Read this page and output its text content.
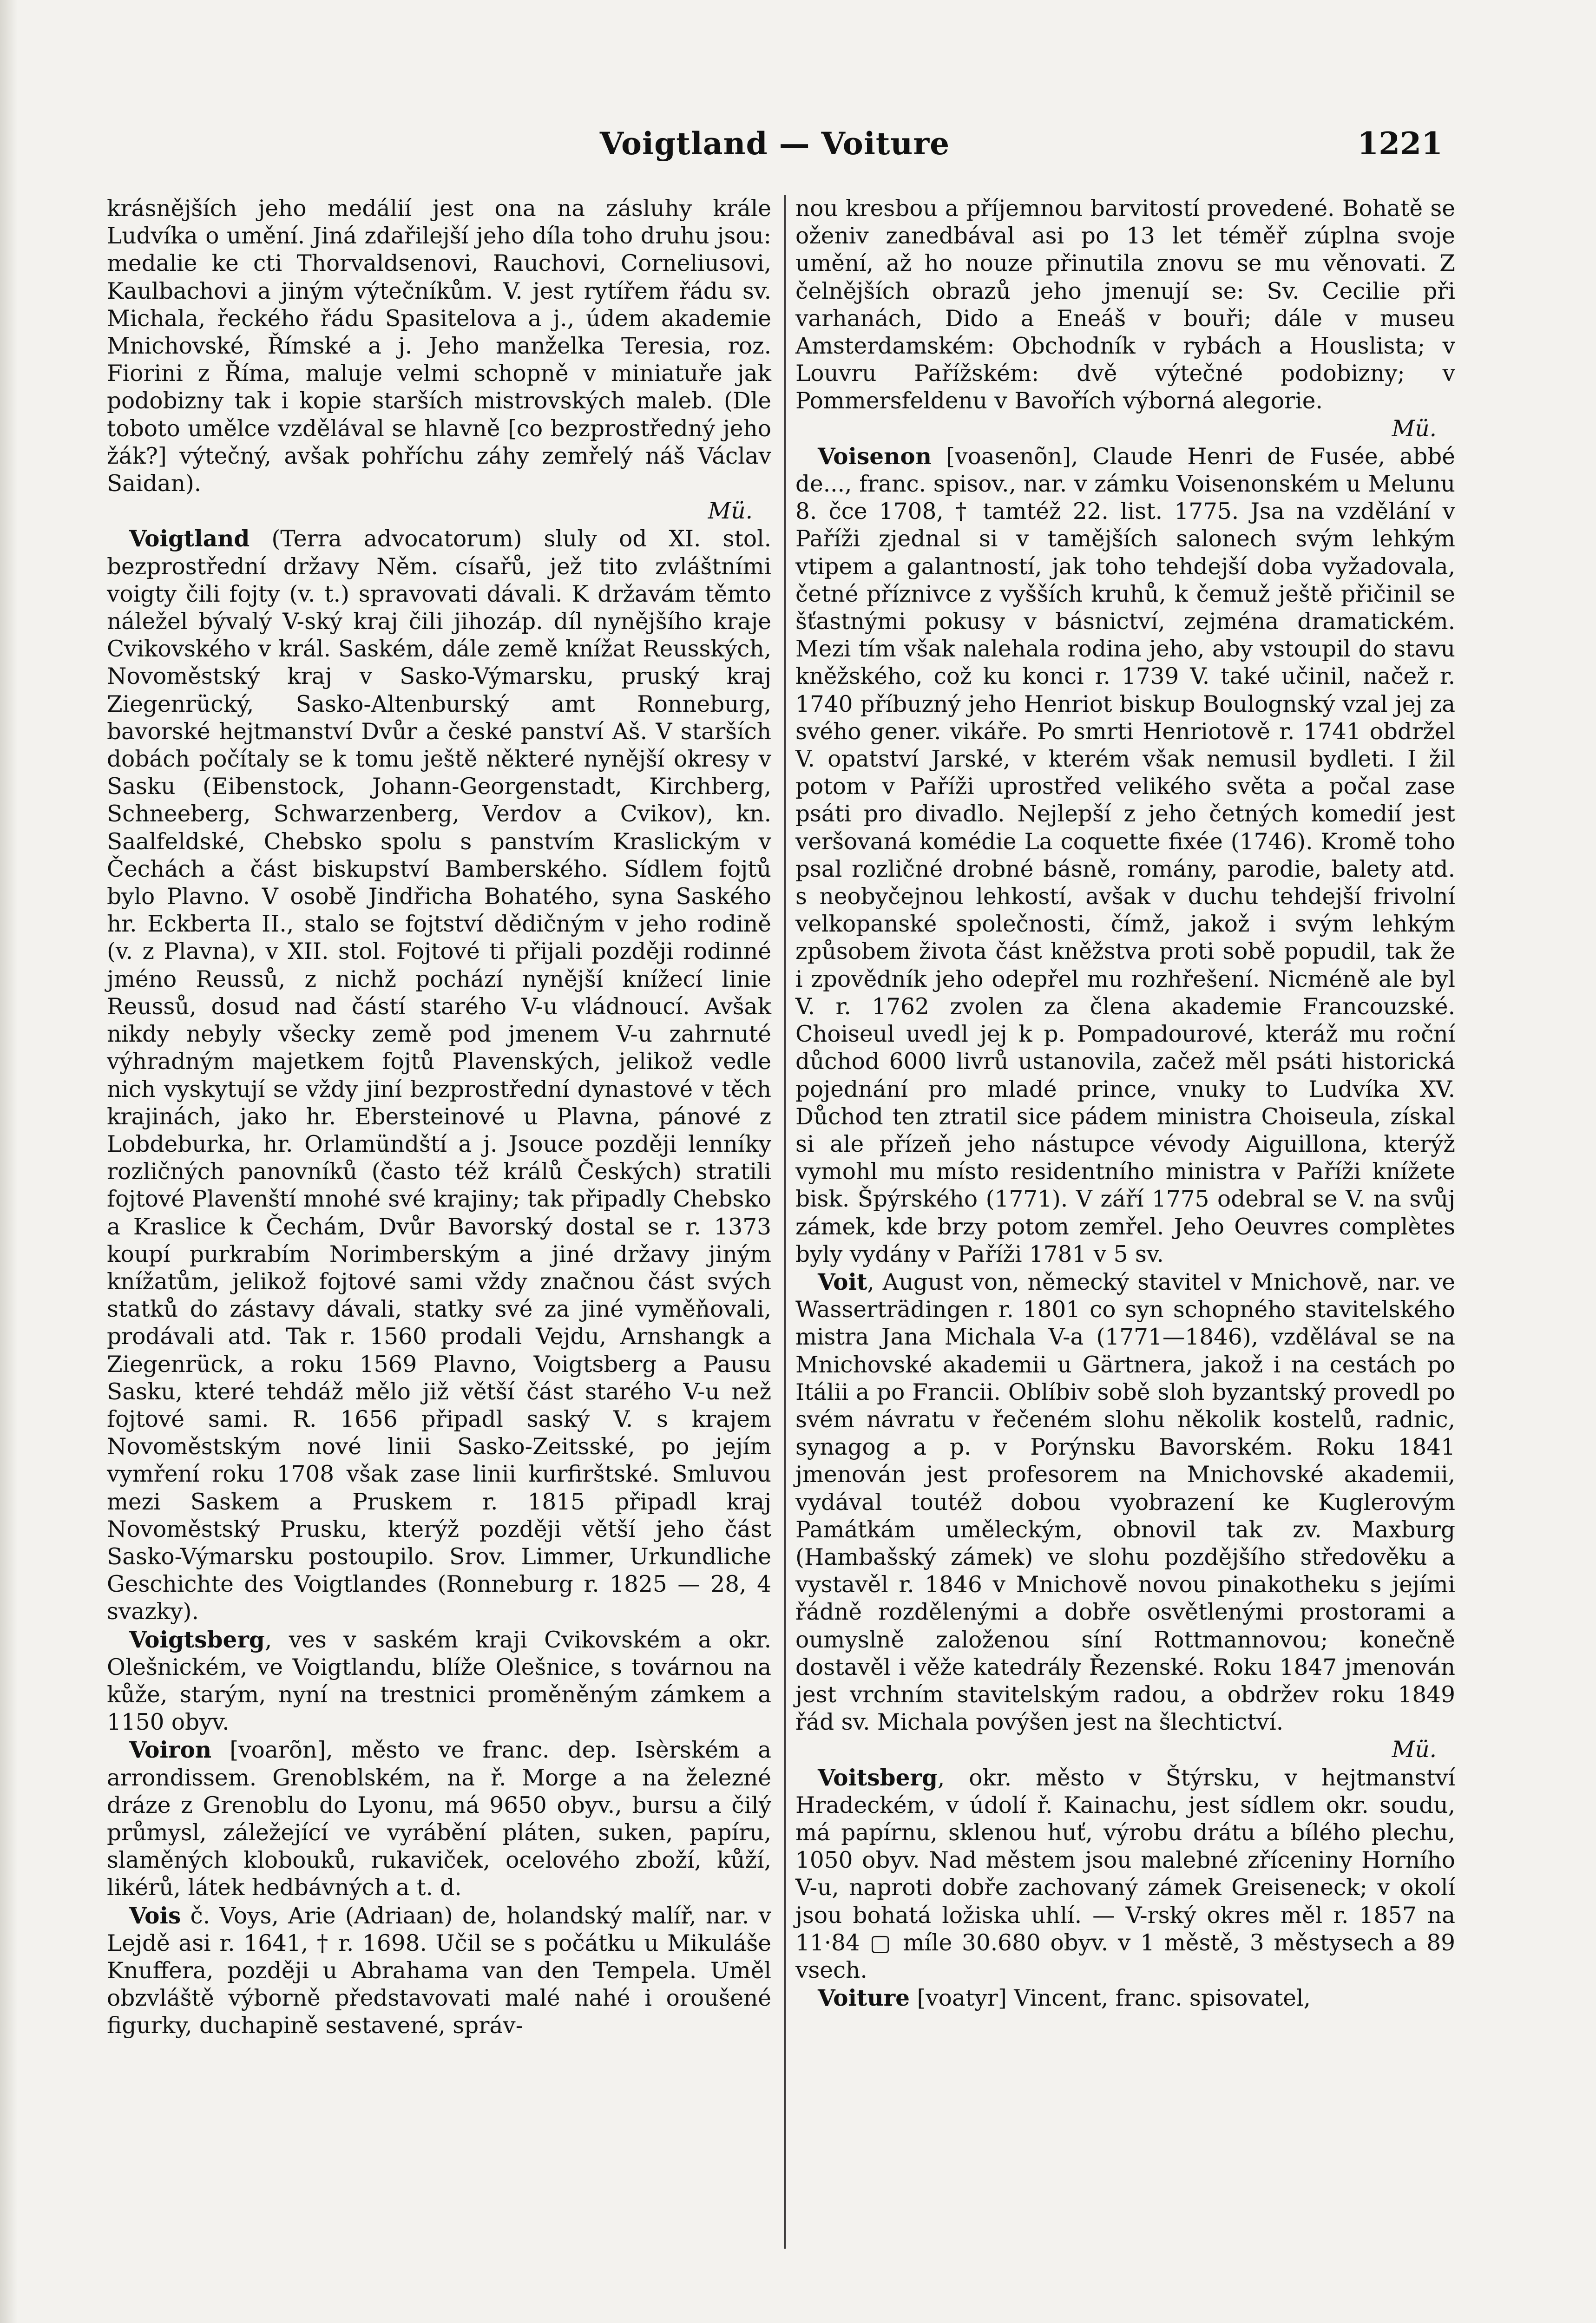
Voigtland — Voiture	1221

krásnějších jeho medálií jest ona na zásluhy krále Ludvíka o umění. Jiná zdařilejší jeho díla toho druhu jsou: medalie ke cti Thorvaldsenovi, Rauchovi, Corneliusovi, Kaulbachovi a jiným výtečníkům. V. jest rytířem řádu sv. Michala, řeckého řádu Spasitelova a j., údem akademie Mnichovské, Římské a j. Jeho manželka Teresia, roz. Fiorini z Říma, maluje velmi schopně v miniatuře jak podobizny tak i kopie starších mistrovských maleb. (Dle toboto umělce vzdělával se hlavně [co bezprostředný jeho žák?] výtečný, avšak pohříchu záhy zemřelý náš Václav Saidan).
Mü.

Voigtland (Terra advocatorum) sluly od XI. stol. bezprostřední državy Něm. císařů, jež tito zvláštními voigty čili fojty (v. t.) spravovati dávali. K državám těmto náležel bývalý V-ský kraj čili jihozáp. díl nynějšího kraje Cvikovského v král. Saském, dále země knížat Reusských, Novoměstský kraj v Sasko-Výmarsku, pruský kraj Ziegenrücký, Sasko-Altenburský amt Ronneburg, bavorské hejtmanství Dvůr a české panství Aš. V starších dobách počítaly se k tomu ještě některé nynější okresy v Sasku (Eibenstock, Johann-Georgenstadt, Kirchberg, Schneeberg, Schwarzenberg, Verdov a Cvikov), kn. Saalfeldské, Chebsko spolu s panstvím Kraslickým v Čechách a část biskupství Bamberského. Sídlem fojtů bylo Plavno. V osobě Jindřicha Bohatého, syna Saského hr. Eckberta II., stalo se fojtství dědičným v jeho rodině (v. z Plavna), v XII. stol. Fojtové ti přijali později rodinné jméno Reussů, z nichž pochází nynější knížecí linie Reussů, dosud nad částí starého V-u vládnoucí. Avšak nikdy nebyly všecky země pod jmenem V-u zahrnuté výhradným majetkem fojtů Plavenských, jelikož vedle nich vyskytují se vždy jiní bezprostřední dynastové v těch krajinách, jako hr. Ebersteinové u Plavna, pánové z Lobdeburka, hr. Orlamündští a j. Jsouce později lenníky rozličných panovníků (často též králů Českých) stratili fojtové Plavenští mnohé své krajiny; tak připadly Chebsko a Kraslice k Čechám, Dvůr Bavorský dostal se r. 1373 koupí purkrabím Norimberským a jiné državy jiným knížatům, jelikož fojtové sami vždy značnou část svých statků do zástavy dávali, statky své za jiné vyměňovali, prodávali atd. Tak r. 1560 prodali Vejdu, Arnshangk a Ziegenrück, a roku 1569 Plavno, Voigtsberg a Pausu Sasku, které tehdáž mělo již větší část starého V-u než fojtové sami. R. 1656 připadl saský V. s krajem Novoměstským nové linii Sasko-Zeitsské, po jejím vymření roku 1708 však zase linii kurfirštské. Smluvou mezi Saskem a Pruskem r. 1815 připadl kraj Novoměstský Prusku, kterýž později větší jeho část Sasko-Výmarsku postoupilo. Srov. Limmer, Urkundliche Geschichte des Voigtlandes (Ronneburg r. 1825 — 28, 4 svazky).

Voigtsberg, ves v saském kraji Cvikovském a okr. Olešnickém, ve Voigtlandu, blíže Olešnice, s továrnou na kůže, starým, nyní na trestnici proměněným zámkem a 1150 obyv.

Voiron [voarõn], město ve franc. dep. Isèrském a arrondissem. Grenoblském, na ř. Morge a na železné dráze z Grenoblu do Lyonu, má 9650 obyv., bursu a čilý průmysl, záležející ve vyrábění pláten, suken, papíru, slaměných klobouků, rukaviček, ocelového zboží, kůží, likérů, látek hedbávných a t. d.

Vois č. Voys, Arie (Adriaan) de, holandský malíř, nar. v Lejdě asi r. 1641, † r. 1698. Učil se s počátku u Mikuláše Knuffera, později u Abrahama van den Tempela. Uměl obzvláště výborně představovati malé nahé i oroušené figurky, duchapině sestavené, správ-

nou kresbou a příjemnou barvitostí provedené. Bohatě se oženiv zanedbával asi po 13 let téměř zúplna svoje umění, až ho nouze přinutila znovu se mu věnovati. Z čelnějších obrazů jeho jmenují se: Sv. Cecilie při varhanách, Dido a Eneáš v bouři; dále v museu Amsterdamském: Obchodník v rybách a Houslista; v Louvru Pařížském: dvě výtečné podobizny; v Pommersfeldenu v Bavořích výborná alegorie.
Mü.

Voisenon [voasenõn], Claude Henri de Fusée, abbé de..., franc. spisov., nar. v zámku Voisenonském u Melunu 8. čce 1708, † tamtéž 22. list. 1775. Jsa na vzdělání v Paříži zjednal si v tamějších salonech svým lehkým vtipem a galantností, jak toho tehdejší doba vyžadovala, četné příznivce z vyšších kruhů, k čemuž ještě přičinil se šťastnými pokusy v básnictví, zejména dramatickém. Mezi tím však nalehala rodina jeho, aby vstoupil do stavu kněžského, což ku konci r. 1739 V. také učinil, načež r. 1740 příbuzný jeho Henriot biskup Boulognský vzal jej za svého gener. vikáře. Po smrti Henriotově r. 1741 obdržel V. opatství Jarské, v kterém však nemusil bydleti. I žil potom v Paříži uprostřed velikého světa a počal zase psáti pro divadlo. Nejlepší z jeho četných komedií jest veršovaná komédie La coquette fixée (1746). Kromě toho psal rozličné drobné básně, romány, parodie, balety atd. s neobyčejnou lehkostí, avšak v duchu tehdejší frivolní velkopanské společnosti, čímž, jakož i svým lehkým způsobem života část kněžstva proti sobě popudil, tak že i zpovědník jeho odepřel mu rozhřešení. Nicméně ale byl V. r. 1762 zvolen za člena akademie Francouzské. Choiseul uvedl jej k p. Pompadourové, kteráž mu roční důchod 6000 livrů ustanovila, začež měl psáti historická pojednání pro mladé prince, vnuky to Ludvíka XV. Důchod ten ztratil sice pádem ministra Choiseula, získal si ale přízeň jeho nástupce vévody Aiguillona, kterýž vymohl mu místo residentního ministra v Paříži knížete bisk. Špýrského (1771). V září 1775 odebral se V. na svůj zámek, kde brzy potom zemřel. Jeho Oeuvres complètes byly vydány v Paříži 1781 v 5 sv.

Voit, August von, německý stavitel v Mnichově, nar. ve Wasserträdingen r. 1801 co syn schopného stavitelského mistra Jana Michala V-a (1771—1846), vzdělával se na Mnichovské akademii u Gärtnera, jakož i na cestách po Itálii a po Francii. Oblíbiv sobě sloh byzantský provedl po svém návratu v řečeném slohu několik kostelů, radnic, synagog a p. v Porýnsku Bavorském. Roku 1841 jmenován jest profesorem na Mnichovské akademii, vydával toutéž dobou vyobrazení ke Kuglerovým Památkám uměleckým, obnovil tak zv. Maxburg (Hambašský zámek) ve slohu pozdějšího středověku a vystavěl r. 1846 v Mnichově novou pinakotheku s jejími řádně rozdělenými a dobře osvětlenými prostorami a oumyslně založenou síní Rottmannovou; konečně dostavěl i věže katedrály Řezenské. Roku 1847 jmenován jest vrchním stavitelským radou, a obdržev roku 1849 řád sv. Michala povýšen jest na šlechtictví.
Mü.

Voitsberg, okr. město v Štýrsku, v hejtmanství Hradeckém, v údolí ř. Kainachu, jest sídlem okr. soudu, má papírnu, sklenou huť, výrobu drátu a bílého plechu, 1050 obyv. Nad městem jsou malebné zříceniny Horního V-u, naproti dobře zachovaný zámek Greiseneck; v okolí jsou bohatá ložiska uhlí. — V-rský okres měl r. 1857 na 11·84 ▢ míle 30.680 obyv. v 1 městě, 3 městysech a 89 vsech.

Voiture [voatyr] Vincent, franc. spisovatel,
